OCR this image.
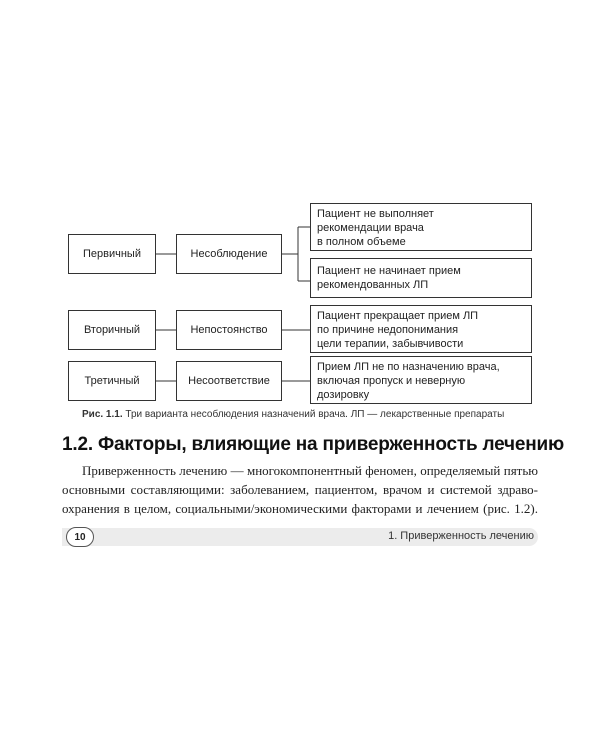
Первичный	Несоблюдение
Пациент не выполняет
рекомендации врача
в полном объеме
Пациент не начинает прием
рекомендованных ЛП
Вторичный	Непостоянство
Пациент прекращает прием ЛП
по причине недопонимания
цели терапии, забывчивости
Третичный	Несоответствие
Прием ЛП не по назначению врача,
включая пропуск и неверную
дозировку
Рис. 1.1. Три варианта несоблюдения назначений врача. ЛП — лекарственные препараты
1.2. Факторы, влияющие на приверженность лечению
Приверженность лечению — многокомпонентный феномен, определяемый пятью
основными составляющими: заболеванием, пациентом, врачом и системой здраво-
охранения в целом, социальными/экономическими факторами и лечением (рис. 1.2).
10	1. Приверженность лечению
